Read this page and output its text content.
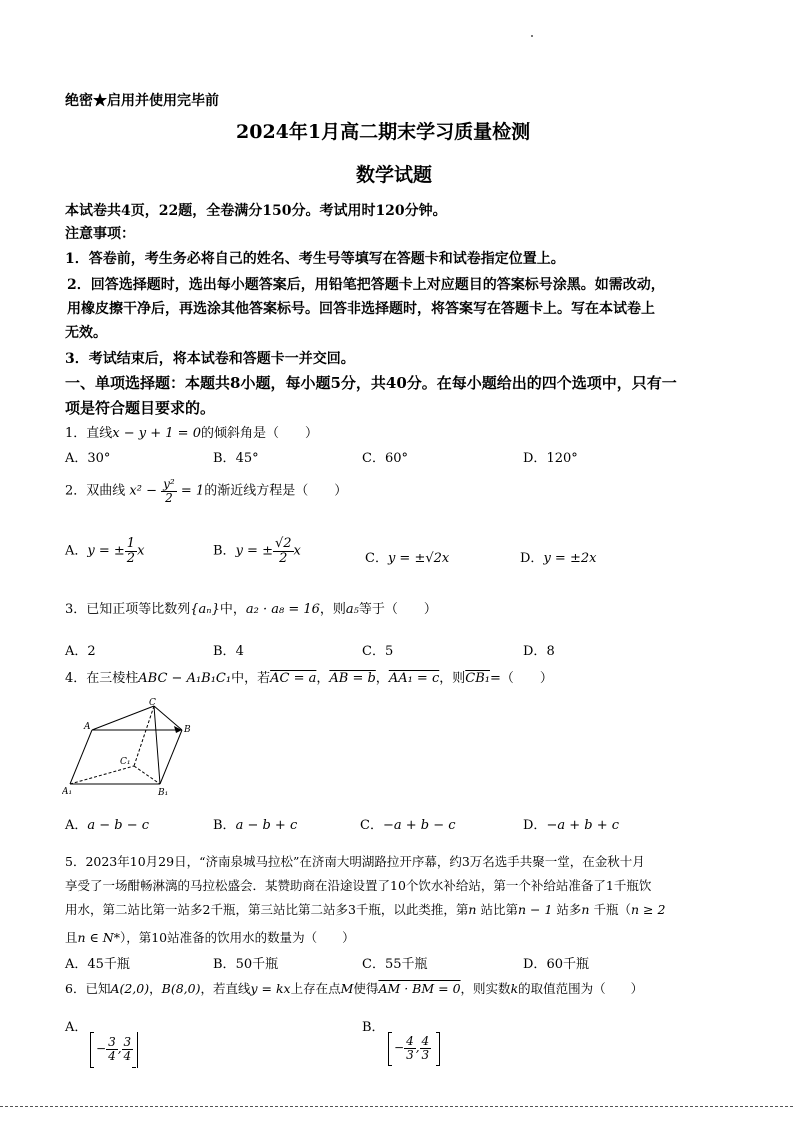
绝密★启用并使用完毕前
2024年1月高二期末学习质量检测
数学试题
本试卷共4页，22题，全卷满分150分。考试用时120分钟。
注意事项：
1．答卷前，考生务必将自己的姓名、考生号等填写在答题卡和试卷指定位置上。
2．回答选择题时，选出每小题答案后，用铅笔把答题卡上对应题目的答案标号涂黑。如需改动，
用橡皮擦干净后，再选涂其他答案标号。回答非选择题时，将答案写在答题卡上。写在本试卷上
无效。
3．考试结束后，将本试卷和答题卡一并交回。
一、单项选择题：本题共8小题，每小题5分，共40分。在每小题给出的四个选项中，只有一
项是符合题目要求的。
1．直线x − y + 1 = 0的倾斜角是（　　）
A．30°	B．45°	C．60°	D．120°
2．双曲线 $x^2 - \frac{\text{y²}}{2} = 1$的渐近线方程是（　　）
A．y = ± $\frac{1}{2}$ x	B．y = ± $\frac{√2}{2}$ x	C．y = ±√2x	D．y = ±2x
3．已知正项等比数列{aₙ}中，a₂ · a₈ = 16，则a₅等于（　　）
A．2	B．4	C．5	D．8
4．在三棱柱ABC − A₁B₁C₁中，若AC = a，AB = b，AA₁ = c，则CB₁=（　　）
A	B
C
A₁	B₁
C₁
A．a − b − c	B．a − b + c	C．−a + b − c	D．−a + b + c
5．2023年10月29日，“济南泉城马拉松”在济南大明湖路拉开序幕，约3万名选手共聚一堂，在金秋十月
享受了一场酣畅淋漓的马拉松盛会．某赞助商在沿途设置了10个饮水补给站，第一个补给站准备了1千瓶饮
用水，第二站比第一站多2千瓶，第三站比第二站多3千瓶，以此类推，第n 站比第n − 1 站多n 千瓶（n ≥ 2
且n ∈ N*），第10站准备的饮用水的数量为（　　）
A．45千瓶	B．50千瓶	C．55千瓶	D．60千瓶
6．已知A(2,0)，B(8,0)，若直线y = kx上存在点M使得AM · BM = 0，则实数k的取值范围为（　　）
A．
− $\frac{3}{4}$ , $\frac{3}{4}$
B．
− $\frac{4}{3}$ , $\frac{4}{3}$
